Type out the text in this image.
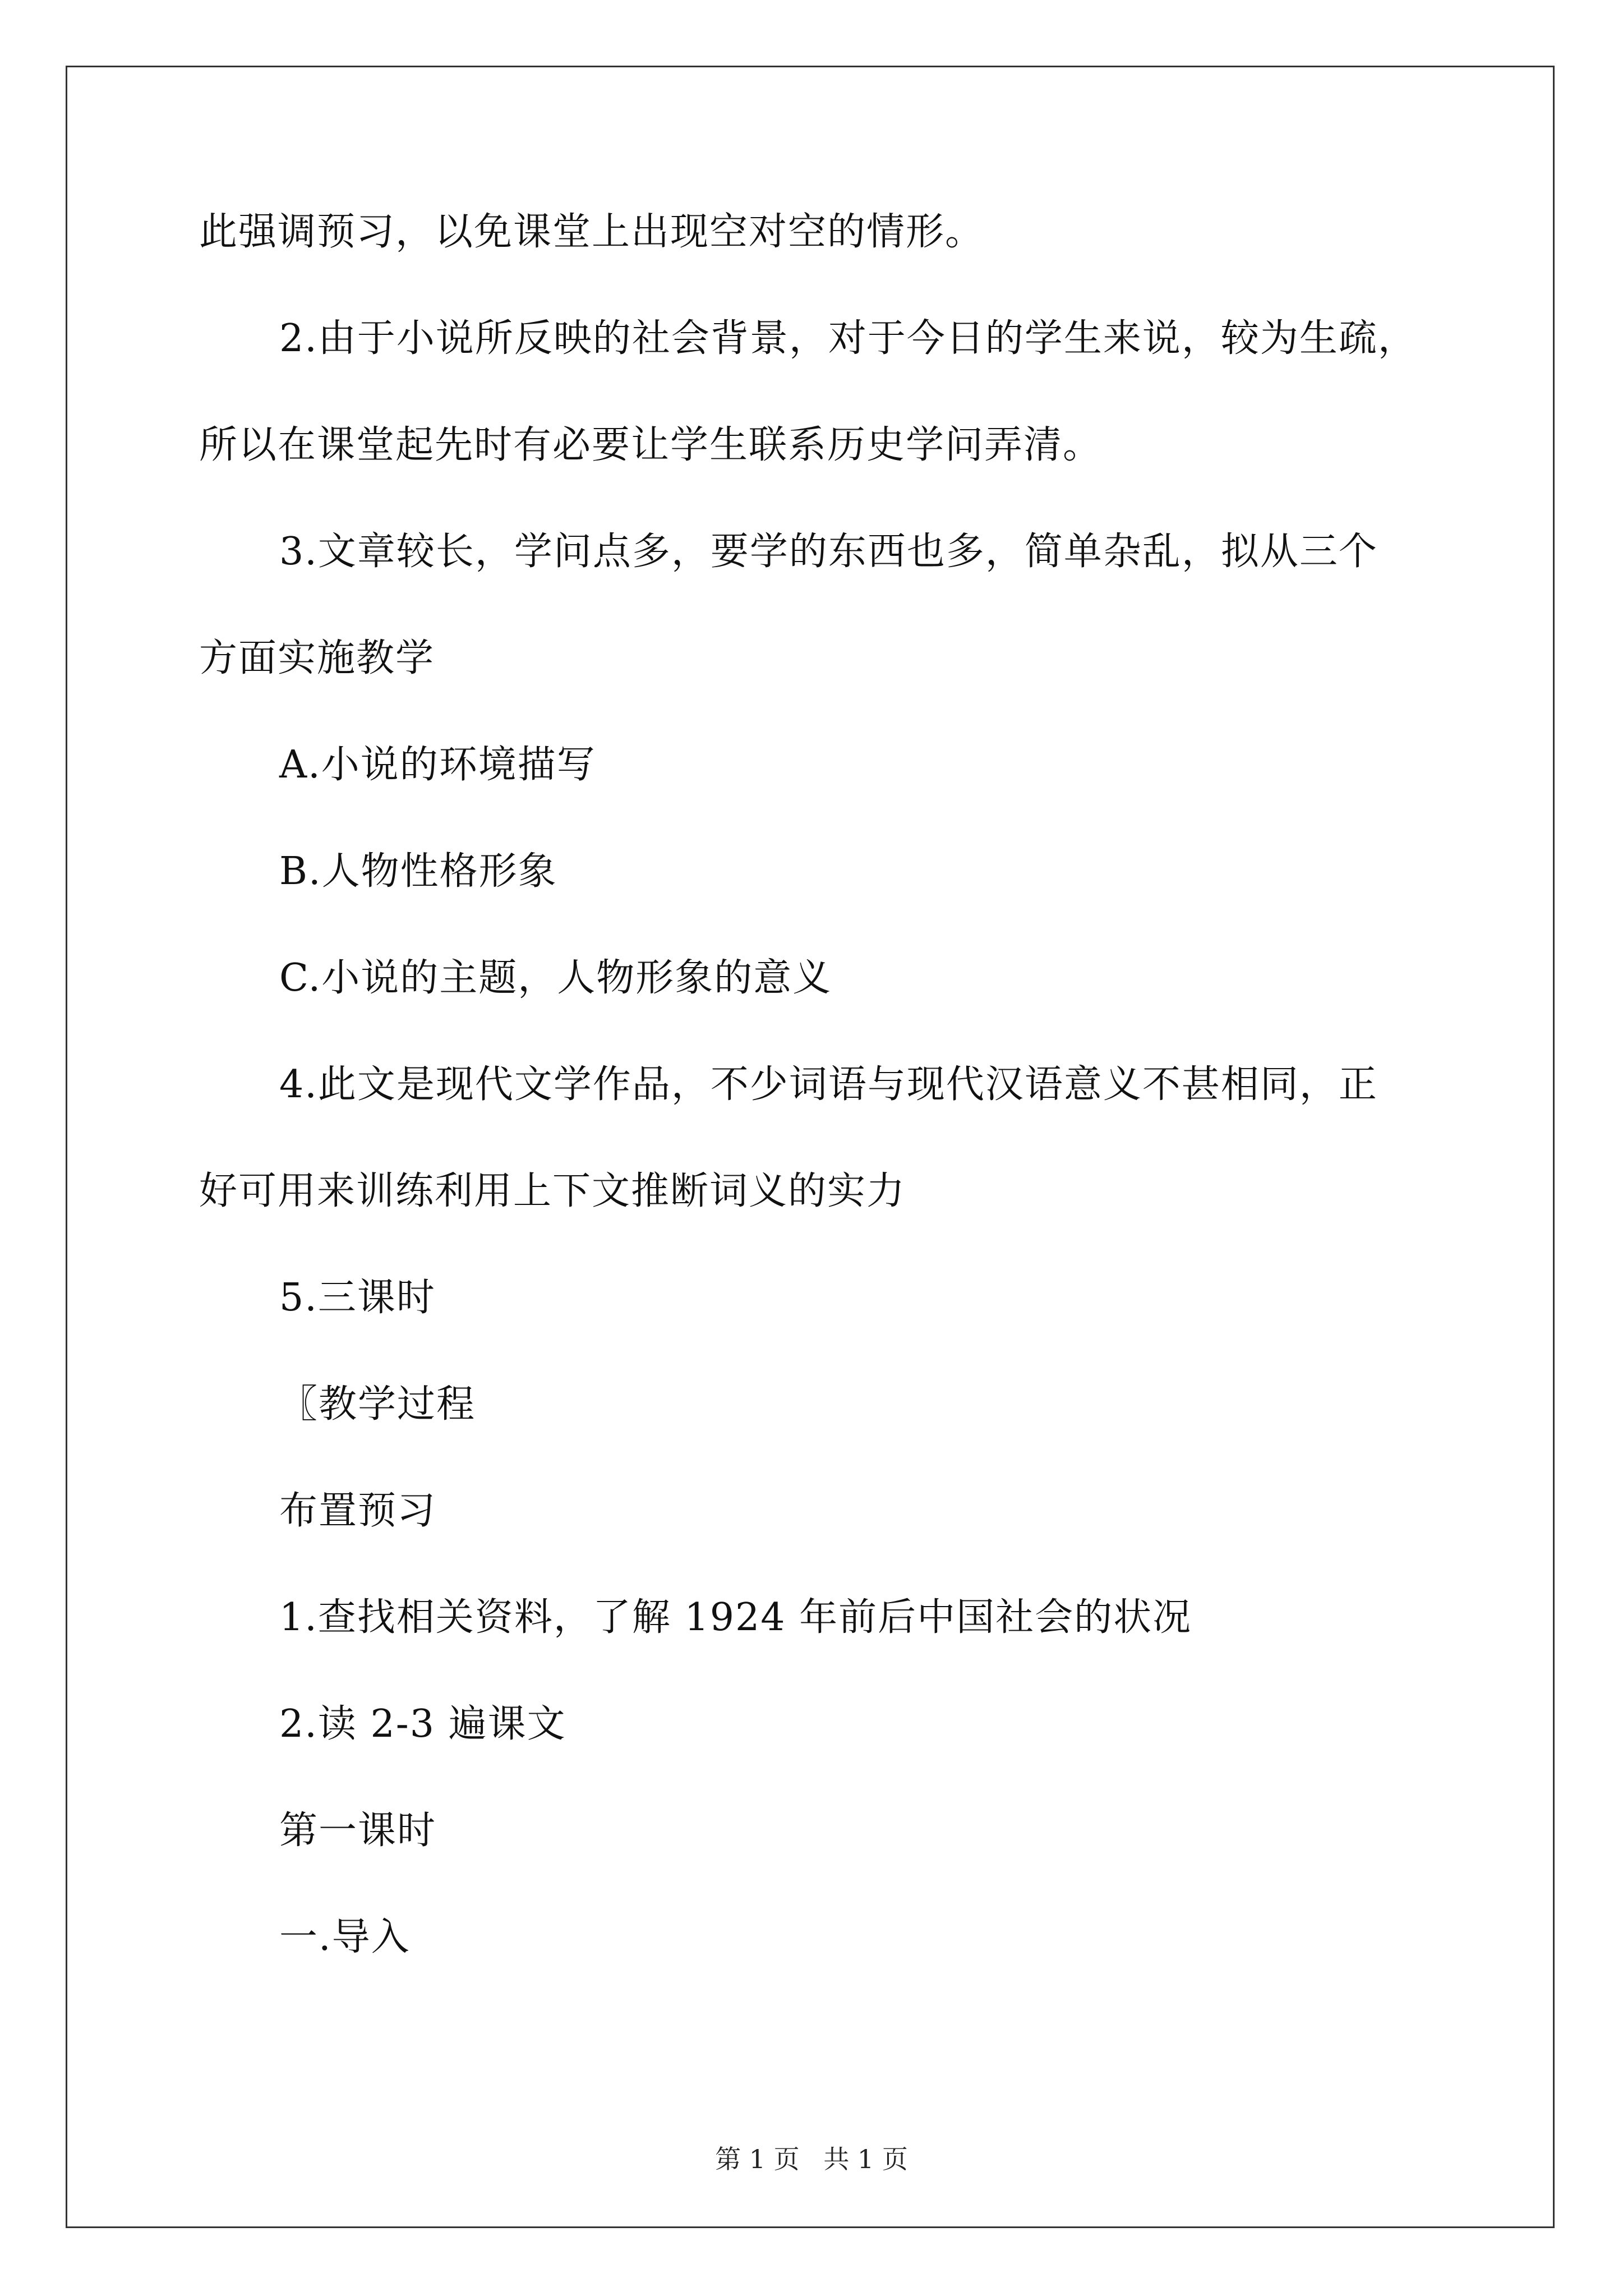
此强调预习，以免课堂上出现空对空的情形。
2.由于小说所反映的社会背景，对于今日的学生来说，较为生疏，
所以在课堂起先时有必要让学生联系历史学问弄清。
3.文章较长，学问点多，要学的东西也多，简单杂乱，拟从三个
方面实施教学
A.小说的环境描写
B.人物性格形象
C.小说的主题，人物形象的意义
4.此文是现代文学作品，不少词语与现代汉语意义不甚相同，正
好可用来训练利用上下文推断词义的实力
5.三课时
〖教学过程
布置预习
1.查找相关资料，了解 1924 年前后中国社会的状况
2.读 2-3 遍课文
第一课时
一.导入
第 1 页 共 1 页
